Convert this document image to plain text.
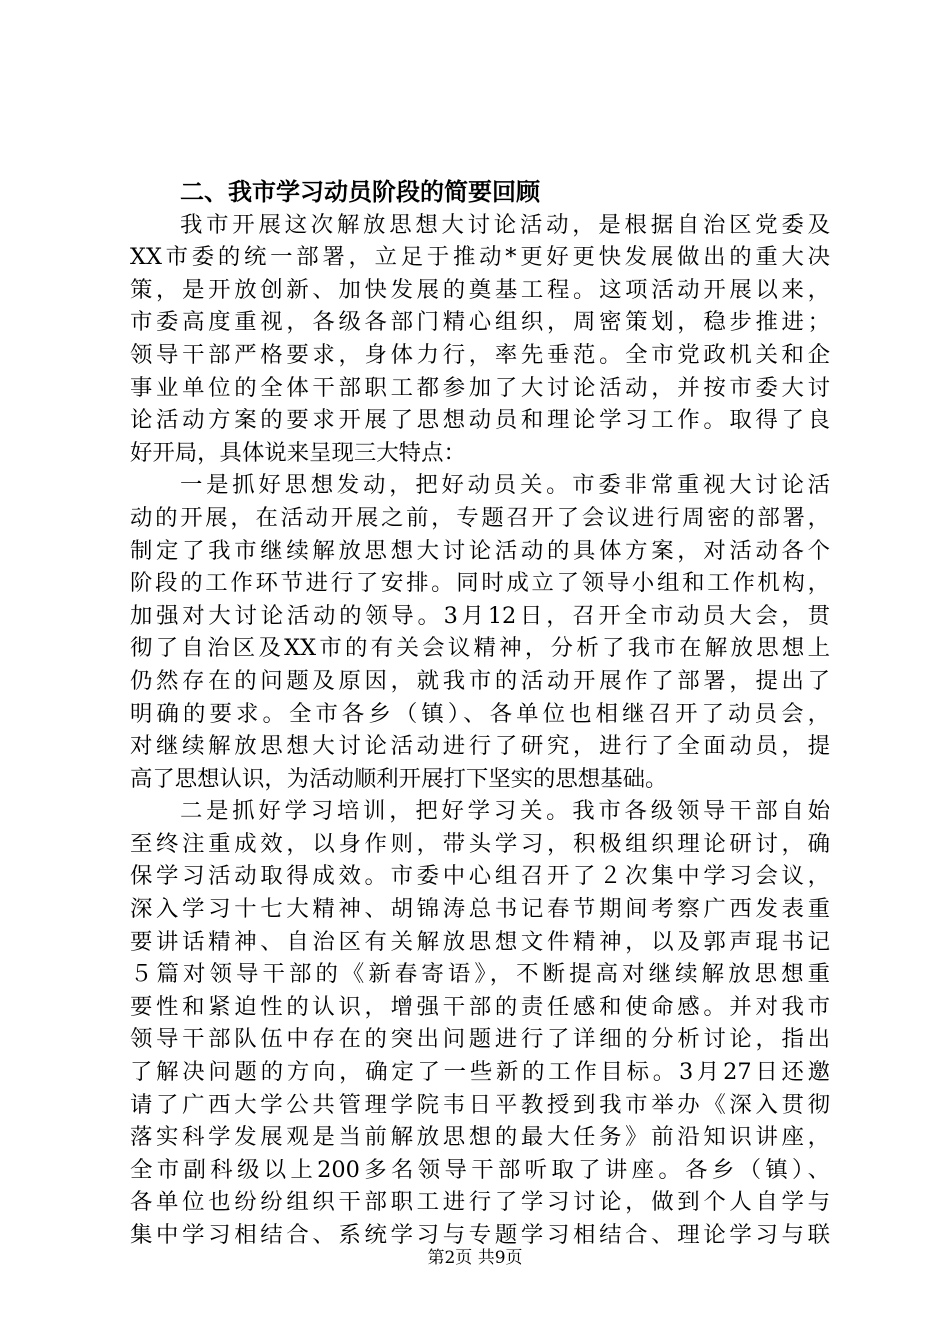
二、我市学习动员阶段的简要回顾
我市开展这次解放思想大讨论活动，是根据自治区党委及
XX市委的统一部署，立足于推动*更好更快发展做出的重大决
策，是开放创新、加快发展的奠基工程。这项活动开展以来，
市委高度重视，各级各部门精心组织，周密策划，稳步推进；
领导干部严格要求，身体力行，率先垂范。全市党政机关和企
事业单位的全体干部职工都参加了大讨论活动，并按市委大讨
论活动方案的要求开展了思想动员和理论学习工作。取得了良
好开局，具体说来呈现三大特点：
一是抓好思想发动，把好动员关。市委非常重视大讨论活
动的开展，在活动开展之前，专题召开了会议进行周密的部署，
制定了我市继续解放思想大讨论活动的具体方案，对活动各个
阶段的工作环节进行了安排。同时成立了领导小组和工作机构，
加强对大讨论活动的领导。3月12日，召开全市动员大会，贯
彻了自治区及XX市的有关会议精神，分析了我市在解放思想上
仍然存在的问题及原因，就我市的活动开展作了部署，提出了
明确的要求。全市各乡（镇）、各单位也相继召开了动员会，
对继续解放思想大讨论活动进行了研究，进行了全面动员，提
高了思想认识，为活动顺利开展打下坚实的思想基础。
二是抓好学习培训，把好学习关。我市各级领导干部自始
至终注重成效，以身作则，带头学习，积极组织理论研讨，确
保学习活动取得成效。市委中心组召开了２次集中学习会议，
深入学习十七大精神、胡锦涛总书记春节期间考察广西发表重
要讲话精神、自治区有关解放思想文件精神，以及郭声琨书记
５篇对领导干部的《新春寄语》，不断提高对继续解放思想重
要性和紧迫性的认识，增强干部的责任感和使命感。并对我市
领导干部队伍中存在的突出问题进行了详细的分析讨论，指出
了解决问题的方向，确定了一些新的工作目标。3月27日还邀
请了广西大学公共管理学院韦日平教授到我市举办《深入贯彻
落实科学发展观是当前解放思想的最大任务》前沿知识讲座，
全市副科级以上200多名领导干部听取了讲座。各乡（镇）、
各单位也纷纷组织干部职工进行了学习讨论，做到个人自学与
集中学习相结合、系统学习与专题学习相结合、理论学习与联
第2页 共9页
